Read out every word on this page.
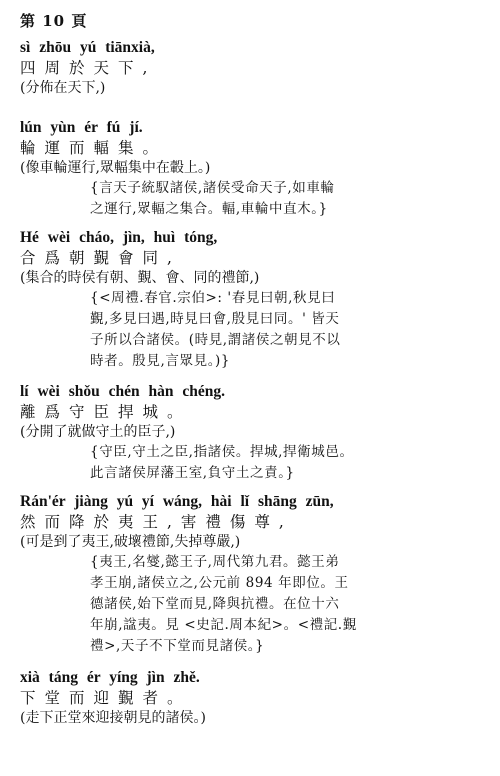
第 10 頁
sì zhōu yú tiānxià,
四周於天下,
(分佈在天下,)
lún yùn ér fú jí.
輪運而輻集。
(像車輪運行,眾輻集中在轂上。)
{言天子統馭諸侯,諸侯受命天子,如車輪
之運行,眾輻之集合。輻,車輪中直木。}
Hé wèi cháo, jìn, huì tóng,
合爲朝覲會同,
(集合的時侯有朝、覲、會、同的禮節,)
{<周禮.春官.宗伯>: '春見曰朝,秋見曰
覲,多見曰遇,時見曰會,殷見曰同。' 皆天
子所以合諸侯。(時見,謂諸侯之朝見不以
時者。殷見,言眾見。)}
lí wèi shǒu chén hàn chéng.
離爲守臣捍城。
(分開了就做守土的臣子,)
{守臣,守土之臣,指諸侯。捍城,捍衛城邑。
此言諸侯屏藩王室,負守土之責。}
Rán'ér jiàng yú yí wáng, hài lǐ shāng zūn,
然而降於夷王,害禮傷尊,
(可是到了夷王,破壞禮節,失掉尊嚴,)
{夷王,名燮,懿王子,周代第九君。懿王弟
孝王崩,諸侯立之,公元前 894 年即位。王
德諸侯,始下堂而見,降與抗禮。在位十六
年崩,諡夷。見 <史記.周本紀>。<禮記.覲
禮>,天子不下堂而見諸侯。}
xià táng ér yíng jìn zhě.
下堂而迎覲者。
(走下正堂來迎接朝見的諸侯。)
